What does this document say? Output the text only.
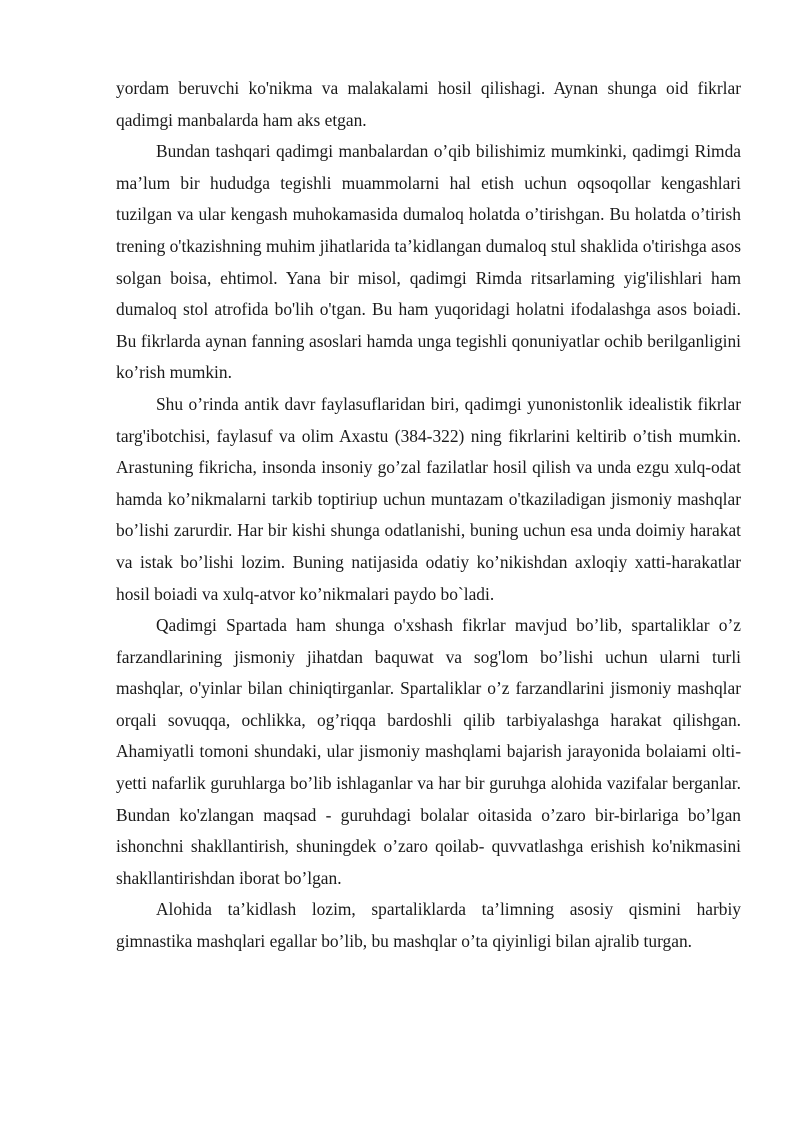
yordam beruvchi ko'nikma va malakalami hosil qilishagi. Aynan shunga oid fikrlar qadimgi manbalarda ham aks etgan.

Bundan tashqari qadimgi manbalardan o’qib bilishimiz mumkinki, qadimgi Rimda ma’lum bir hududga tegishli muammolarni hal etish uchun oqsoqollar kengashlari tuzilgan va ular kengash muhokamasida dumaloq holatda o’tirishgan. Bu holatda o’tirish trening o'tkazishning muhim jihatlarida ta’kidlangan dumaloq stul shaklida o'tirishga asos solgan boisa, ehtimol. Yana bir misol, qadimgi Rimda ritsarlaming yig'ilishlari ham dumaloq stol atrofida bo'lih o'tgan. Bu ham yuqoridagi holatni ifodalashga asos boiadi. Bu fikrlarda aynan fanning asoslari hamda unga tegishli qonuniyatlar ochib berilganligini ko’rish mumkin.

Shu o’rinda antik davr faylasuflaridan biri, qadimgi yunonistonlik idealistik fikrlar targ'ibotchisi, faylasuf va olim Axastu (384-322) ning fikrlarini keltirib o’tish mumkin. Arastuning fikricha, insonda insoniy go’zal fazilatlar hosil qilish va unda ezgu xulq-odat hamda ko’nikmalarni tarkib toptiriup uchun muntazam o'tkaziladigan jismoniy mashqlar bo’lishi zarurdir. Har bir kishi shunga odatlanishi, buning uchun esa unda doimiy harakat va istak bo’lishi lozim. Buning natijasida odatiy ko’nikishdan axloqiy xatti-harakatlar hosil boiadi va xulq-atvor ko’nikmalari paydo bo`ladi.

Qadimgi Spartada ham shunga o'xshash fikrlar mavjud bo’lib, spartaliklar o’z farzandlarining jismoniy jihatdan baquwat va sog'lom bo’lishi uchun ularni turli mashqlar, o'yinlar bilan chiniqtirganlar. Spartaliklar o’z farzandlarini jismoniy mashqlar orqali sovuqqa, ochlikka, og’riqqa bardoshli qilib tarbiyalashga harakat qilishgan. Ahamiyatli tomoni shundaki, ular jismoniy mashqlami bajarish jarayonida bolaiami olti-yetti nafarlik guruhlarga bo’lib ishlaganlar va har bir guruhga alohida vazifalar berganlar. Bundan ko'zlangan maqsad - guruhdagi bolalar oitasida o’zaro bir-birlariga bo’lgan ishonchni shakllantirish, shuningdek o’zaro qoilab- quvvatlashga erishish ko'nikmasini shakllantirishdan iborat bo’lgan.

Alohida ta’kidlash lozim, spartaliklarda ta’limning asosiy qismini harbiy gimnastika mashqlari egallar bo’lib, bu mashqlar o’ta qiyinligi bilan ajralib turgan.
